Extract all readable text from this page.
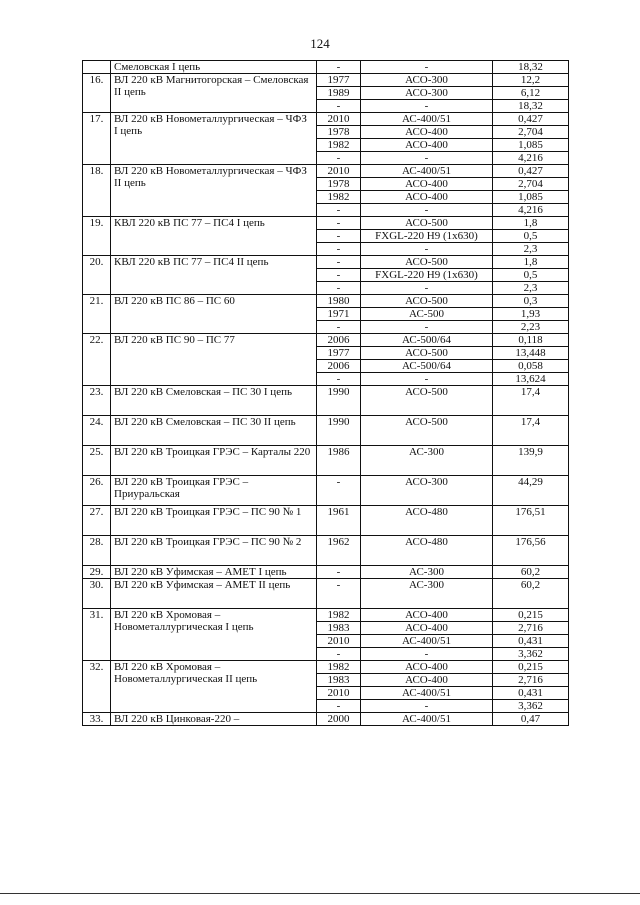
124
	Смеловская I цепь	-	-	18,32
16.	ВЛ 220 кВ Магнитогорская – Смеловская II цепь	1977	АСО-300	12,2
		1989	АСО-300	6,12
		-	-	18,32
17.	ВЛ 220 кВ Новометаллургическая – ЧФЗ I цепь	2010	АС-400/51	0,427
		1978	АСО-400	2,704
		1982	АСО-400	1,085
		-	-	4,216
18.	ВЛ 220 кВ Новометаллургическая – ЧФЗ II цепь	2010	АС-400/51	0,427
		1978	АСО-400	2,704
		1982	АСО-400	1,085
		-	-	4,216
19.	КВЛ 220 кВ ПС 77 – ПС4 I цепь	-	АСО-500	1,8
		-	FXGL-220 Н9 (1х630)	0,5
		-	-	2,3
20.	КВЛ 220 кВ ПС 77 – ПС4 II цепь	-	АСО-500	1,8
		-	FXGL-220 Н9 (1х630)	0,5
		-	-	2,3
21.	ВЛ 220 кВ ПС 86 – ПС 60	1980	АСО-500	0,3
		1971	АС-500	1,93
		-	-	2,23
22.	ВЛ 220 кВ ПС 90 – ПС 77	2006	АС-500/64	0,118
		1977	АСО-500	13,448
		2006	АС-500/64	0,058
		-	-	13,624
23.	ВЛ 220 кВ Смеловская – ПС 30 I цепь	1990	АСО-500	17,4
24.	ВЛ 220 кВ Смеловская – ПС 30 II цепь	1990	АСО-500	17,4
25.	ВЛ 220 кВ Троицкая ГРЭС – Карталы 220	1986	АС-300	139,9
26.	ВЛ 220 кВ Троицкая ГРЭС – Приуральская	-	АСО-300	44,29
27.	ВЛ 220 кВ Троицкая ГРЭС – ПС 90 № 1	1961	АСО-480	176,51
28.	ВЛ 220 кВ Троицкая ГРЭС – ПС 90 № 2	1962	АСО-480	176,56
29.	ВЛ 220 кВ Уфимская – АМЕТ I цепь	-	АС-300	60,2
30.	ВЛ 220 кВ Уфимская – АМЕТ II цепь	-	АС-300	60,2
31.	ВЛ 220 кВ Хромовая – Новометаллургическая I цепь	1982	АСО-400	0,215
		1983	АСО-400	2,716
		2010	АС-400/51	0,431
		-	-	3,362
32.	ВЛ 220 кВ Хромовая – Новометаллургическая II цепь	1982	АСО-400	0,215
		1983	АСО-400	2,716
		2010	АС-400/51	0,431
		-	-	3,362
33.	ВЛ 220 кВ Цинковая-220 –	2000	АС-400/51	0,47
